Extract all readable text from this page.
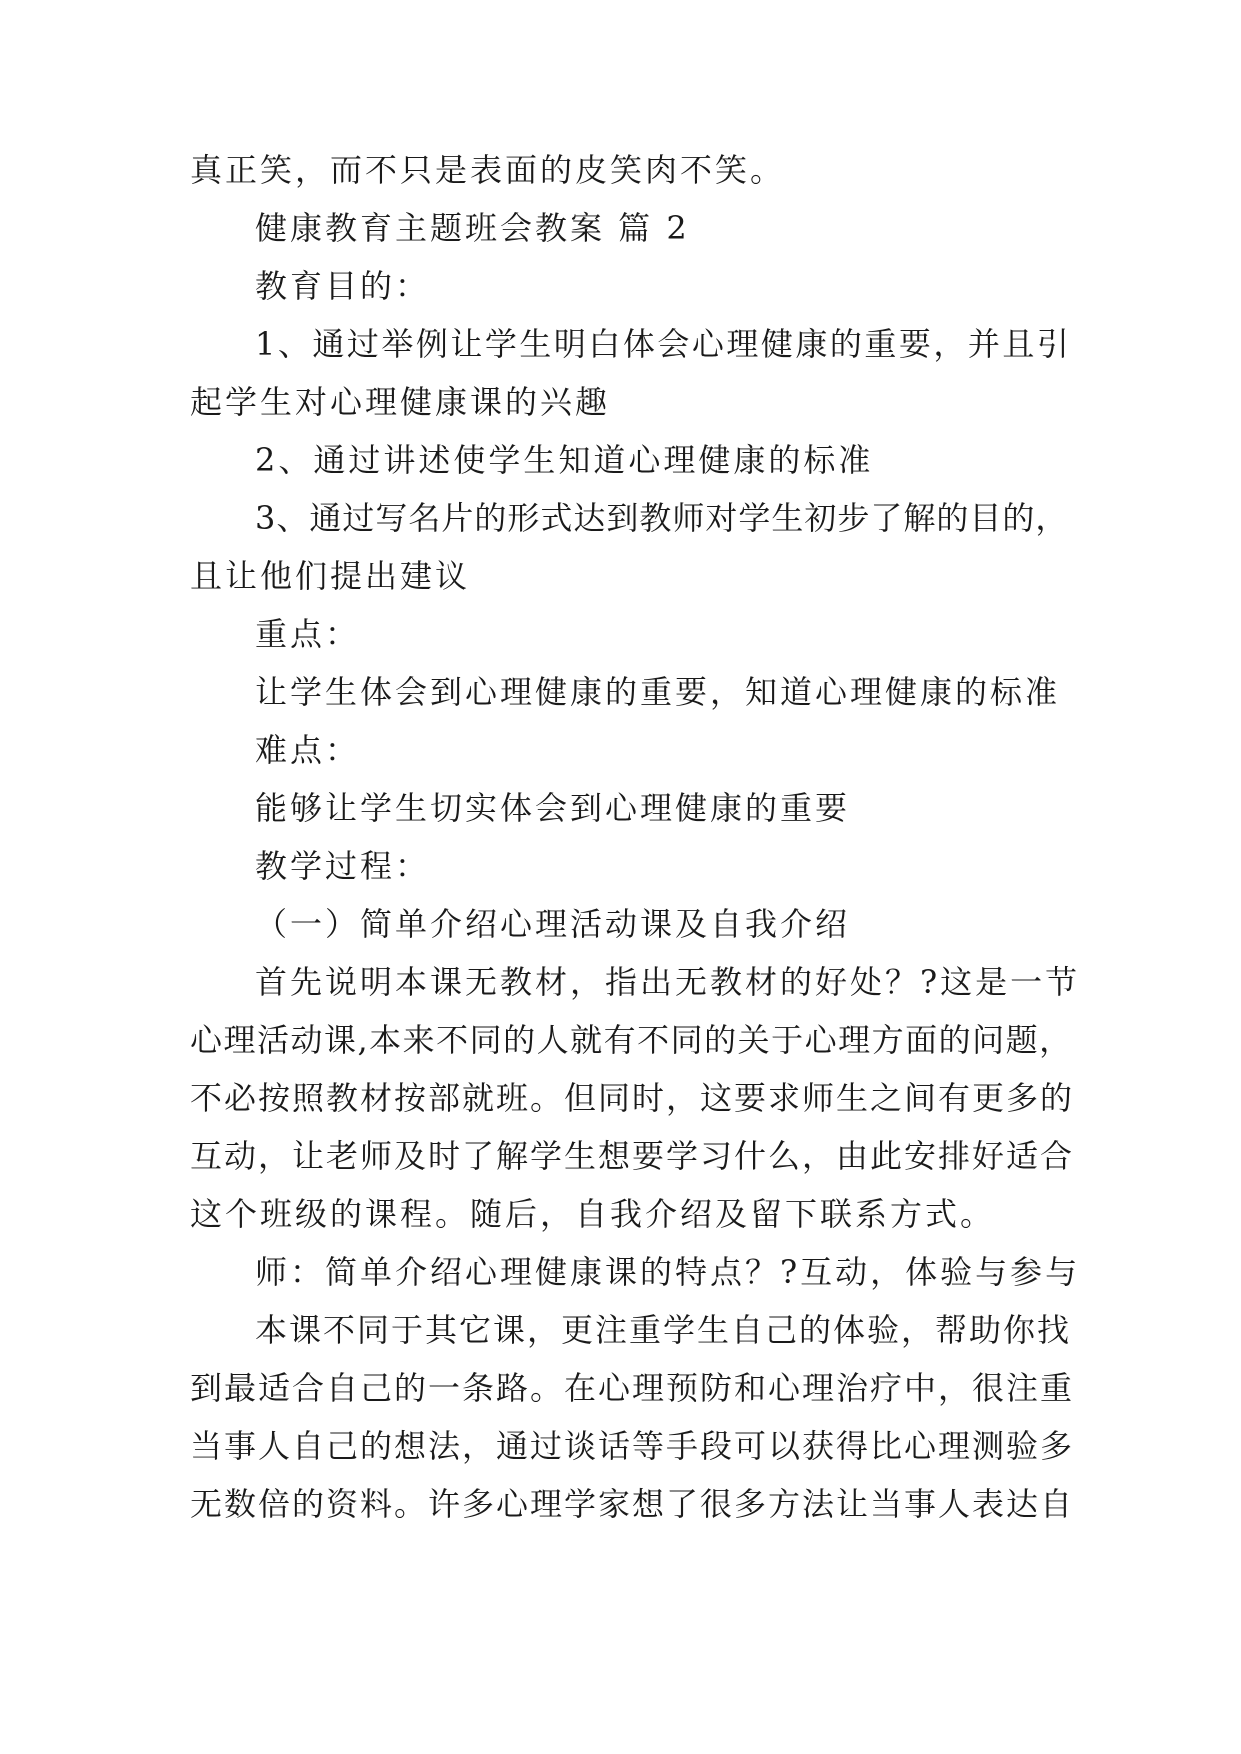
真正笑，而不只是表面的皮笑肉不笑。
健康教育主题班会教案 篇 2
教育目的：
1、通过举例让学生明白体会心理健康的重要，并且引
起学生对心理健康课的兴趣
2、通过讲述使学生知道心理健康的标准
3、通过写名片的形式达到教师对学生初步了解的目的，
且让他们提出建议
重点：
让学生体会到心理健康的重要，知道心理健康的标准
难点：
能够让学生切实体会到心理健康的重要
教学过程：
（一）简单介绍心理活动课及自我介绍
首先说明本课无教材，指出无教材的好处？?这是一节
心理活动课,本来不同的人就有不同的关于心理方面的问题，
不必按照教材按部就班。但同时，这要求师生之间有更多的
互动，让老师及时了解学生想要学习什么，由此安排好适合
这个班级的课程。随后，自我介绍及留下联系方式。
师：简单介绍心理健康课的特点？?互动，体验与参与
本课不同于其它课，更注重学生自己的体验，帮助你找
到最适合自己的一条路。在心理预防和心理治疗中，很注重
当事人自己的想法，通过谈话等手段可以获得比心理测验多
无数倍的资料。许多心理学家想了很多方法让当事人表达自
